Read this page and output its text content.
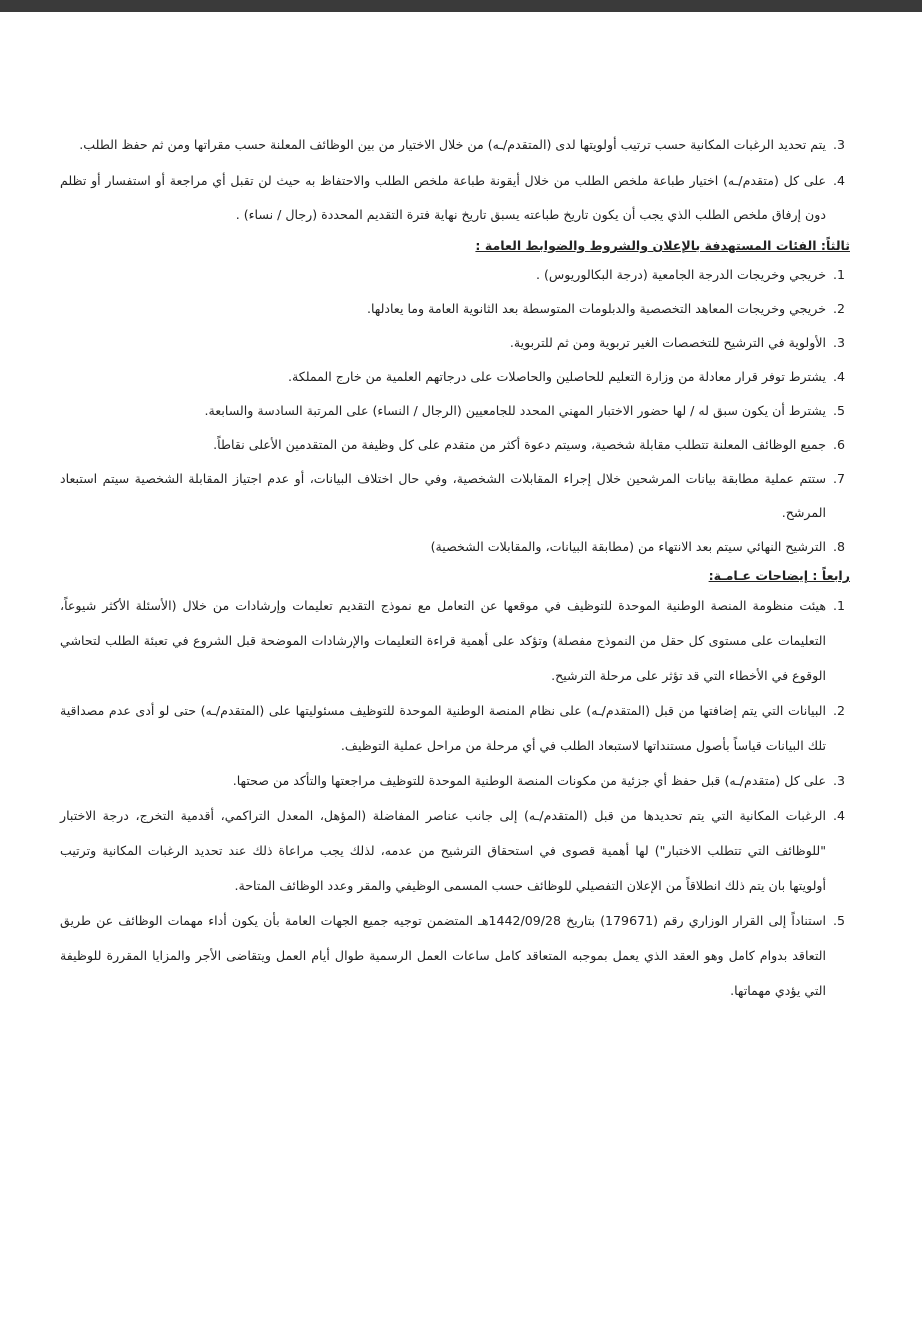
.3
يتم تحديد الرغبات المكانية حسب ترتيب أولويتها لدى (المتقدم/ـه) من خلال الاختيار من بين الوظائف المعلنة حسب مقراتها ومن ثم حفظ الطلب.
.4
على كل (متقدم/ـه) اختيار طباعة ملخص الطلب من خلال أيقونة طباعة ملخص الطلب والاحتفاظ به حيث لن تقبل أي مراجعة أو استفسار أو تظلم دون إرفاق ملخص الطلب الذي يجب أن يكون تاريخ طباعته يسبق تاريخ نهاية فترة التقديم المحددة (رجال / نساء) .
ثالثاً: الفئات المستهدفة بالإعلان والشروط والضوابط العامة :
.1
خريجي وخريجات الدرجة الجامعية (درجة البكالوريوس) .
.2
خريجي وخريجات المعاهد التخصصية والدبلومات المتوسطة بعد الثانوية العامة وما يعادلها.
.3
الأولوية في الترشيح للتخصصات الغير تربوية ومن ثم للتربوية.
.4
يشترط توفر قرار معادلة من وزارة التعليم للحاصلين والحاصلات على درجاتهم العلمية من خارج المملكة.
.5
يشترط أن يكون سبق له / لها حضور الاختبار المهني المحدد للجامعيين (الرجال / النساء) على المرتبة السادسة والسابعة.
.6
جميع الوظائف المعلنة تتطلب مقابلة شخصية، وسيتم دعوة أكثر من متقدم على كل وظيفة من المتقدمين الأعلى نقاطاً.
.7
ستتم عملية مطابقة بيانات المرشحين خلال إجراء المقابلات الشخصية، وفي حال اختلاف البيانات، أو عدم اجتياز المقابلة الشخصية سيتم استبعاد المرشح.
.8
الترشيح النهائي سيتم بعد الانتهاء من (مطابقة البيانات، والمقابلات الشخصية)
رابعاً : إيضاحات عـامـة:
.1
هيئت منظومة المنصة الوطنية الموحدة للتوظيف في موقعها عن التعامل مع نموذج التقديم تعليمات وإرشادات من خلال (الأسئلة الأكثر شيوعاً، التعليمات على مستوى كل حقل من النموذج مفصلة) وتؤكد على أهمية قراءة التعليمات والإرشادات الموضحة قبل الشروع في تعبئة الطلب لتحاشي الوقوع في الأخطاء التي قد تؤثر على مرحلة الترشيح.
.2
البيانات التي يتم إضافتها من قبل (المتقدم/ـه) على نظام المنصة الوطنية الموحدة للتوظيف مسئوليتها على (المتقدم/ـه) حتى لو أدى عدم مصداقية تلك البيانات قياساً بأصول مستنداتها لاستبعاد الطلب في أي مرحلة من مراحل عملية التوظيف.
.3
على كل (متقدم/ـه) قبل حفظ أي جزئية من مكونات المنصة الوطنية الموحدة للتوظيف مراجعتها والتأكد من صحتها.
.4
الرغبات المكانية التي يتم تحديدها من قبل (المتقدم/ـه) إلى جانب عناصر المفاضلة (المؤهل، المعدل التراكمي، أقدمية التخرج، درجة الاختبار "للوظائف التي تتطلب الاختبار") لها أهمية قصوى في استحقاق الترشيح من عدمه، لذلك يجب مراعاة ذلك عند تحديد الرغبات المكانية وترتيب أولويتها بان يتم ذلك انطلاقاً من الإعلان التفصيلي للوظائف حسب المسمى الوظيفي والمقر وعدد الوظائف المتاحة.
.5
استناداً إلى القرار الوزاري رقم (179671) بتاريخ 1442/09/28هـ المتضمن توجيه جميع الجهات العامة بأن يكون أداء مهمات الوظائف عن طريق التعاقد بدوام كامل وهو العقد الذي يعمل بموجبه المتعاقد كامل ساعات العمل الرسمية طوال أيام العمل ويتقاضى الأجر والمزايا المقررة للوظيفة التي يؤدي مهماتها.
